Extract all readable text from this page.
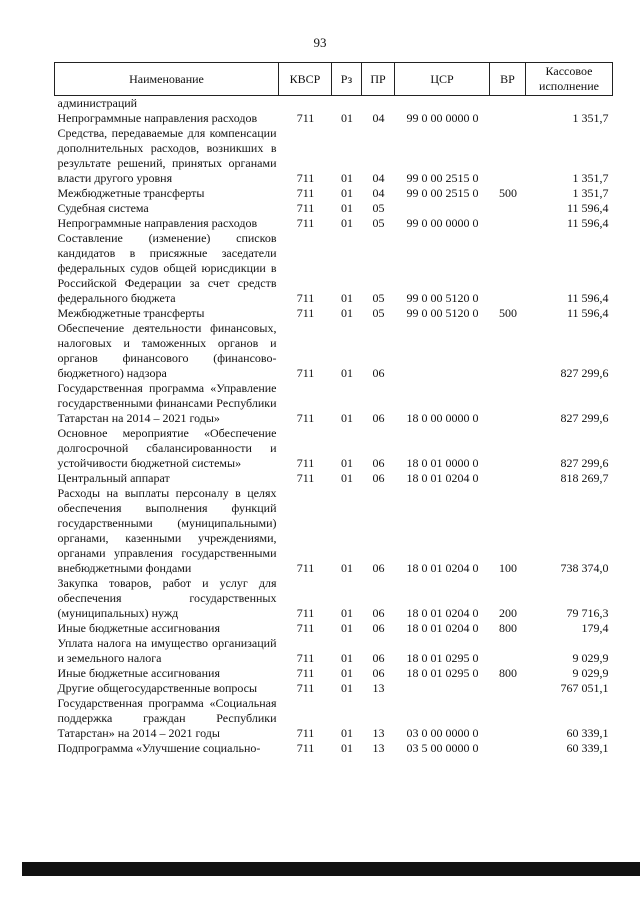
93
Наименование	КВСР	Рз	ПР	ЦСР	ВР	Кассовое исполнение
администраций						
Непрограммные направления расходов	711	01	04	99 0 00 0000 0		1 351,7
Средства, передаваемые для компенсации дополнительных расходов, возникших в результате решений, принятых органами власти другого уровня	711	01	04	99 0 00 2515 0		1 351,7
Межбюджетные трансферты	711	01	04	99 0 00 2515 0	500	1 351,7
Судебная система	711	01	05			11 596,4
Непрограммные направления расходов	711	01	05	99 0 00 0000 0		11 596,4
Составление (изменение) списков кандидатов в присяжные заседатели федеральных судов общей юрисдикции в Российской Федерации за счет средств федерального бюджета	711	01	05	99 0 00 5120 0		11 596,4
Межбюджетные трансферты	711	01	05	99 0 00 5120 0	500	11 596,4
Обеспечение деятельности финансовых, налоговых и таможенных органов и органов финансового (финансово-бюджетного) надзора	711	01	06			827 299,6
Государственная программа «Управление государственными финансами Республики Татарстан на 2014 – 2021 годы»	711	01	06	18 0 00 0000 0		827 299,6
Основное мероприятие «Обеспечение долгосрочной сбалансированности и устойчивости бюджетной системы»	711	01	06	18 0 01 0000 0		827 299,6
Центральный аппарат	711	01	06	18 0 01 0204 0		818 269,7
Расходы на выплаты персоналу в целях обеспечения выполнения функций государственными (муниципальными) органами, казенными учреждениями, органами управления государственными внебюджетными фондами	711	01	06	18 0 01 0204 0	100	738 374,0
Закупка товаров, работ и услуг для обеспечения государственных (муниципальных) нужд	711	01	06	18 0 01 0204 0	200	79 716,3
Иные бюджетные ассигнования	711	01	06	18 0 01 0204 0	800	179,4
Уплата налога на имущество организаций и земельного налога	711	01	06	18 0 01 0295 0		9 029,9
Иные бюджетные ассигнования	711	01	06	18 0 01 0295 0	800	9 029,9
Другие общегосударственные вопросы	711	01	13			767 051,1
Государственная программа «Социальная поддержка граждан Республики Татарстан» на 2014 – 2021 годы	711	01	13	03 0 00 0000 0		60 339,1
Подпрограмма «Улучшение социально-	711	01	13	03 5 00 0000 0		60 339,1
